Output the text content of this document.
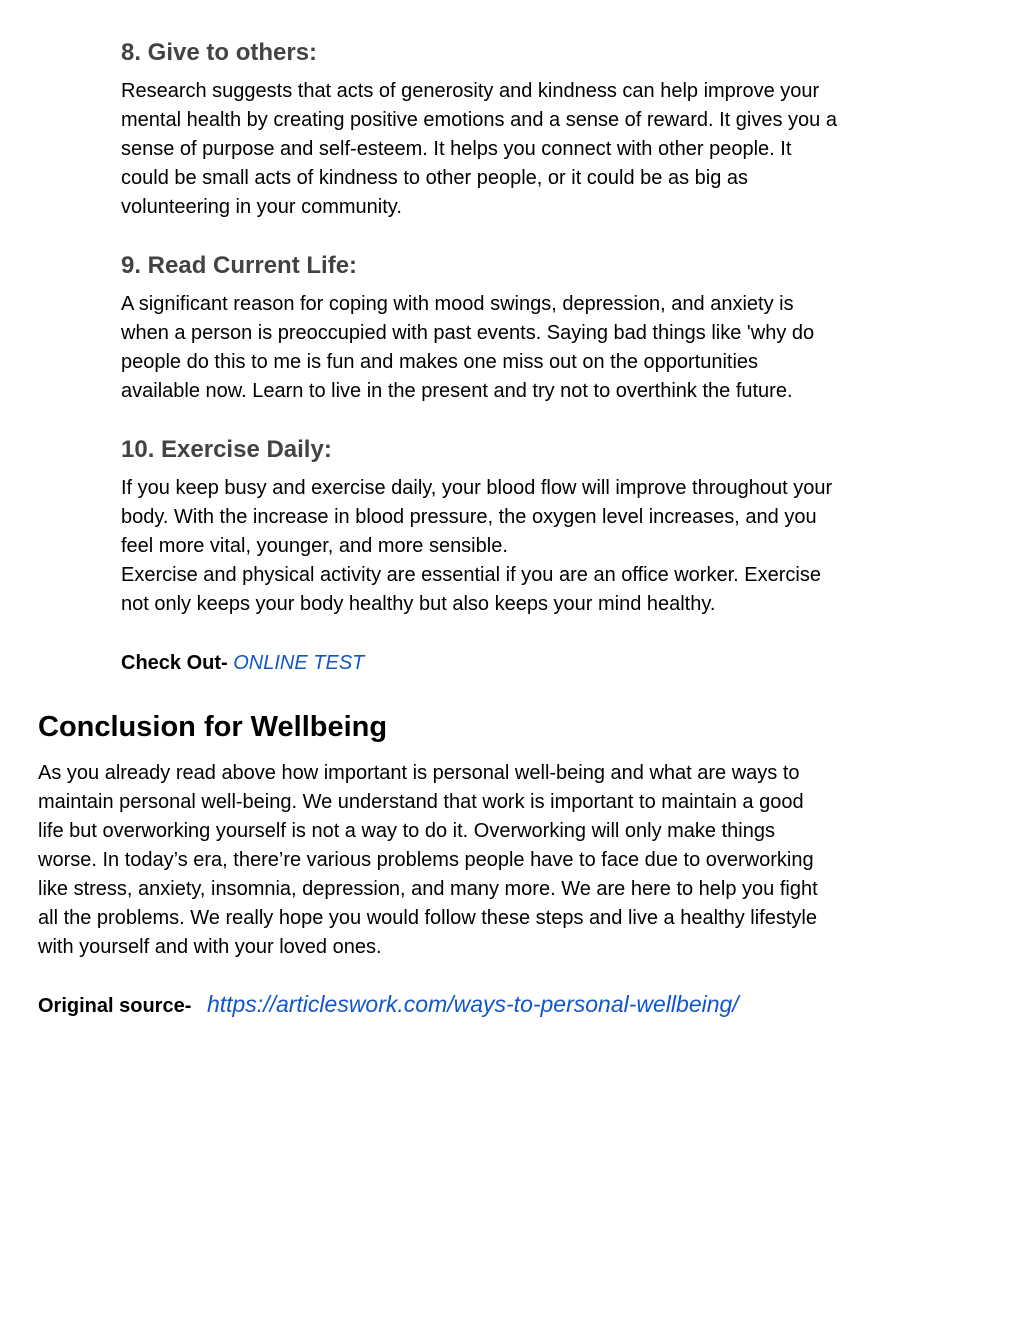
8. Give to others:
Research suggests that acts of generosity and kindness can help improve your
mental health by creating positive emotions and a sense of reward. It gives you a
sense of purpose and self-esteem. It helps you connect with other people. It
could be small acts of kindness to other people, or it could be as big as
volunteering in your community.
9. Read Current Life:
A significant reason for coping with mood swings, depression, and anxiety is
when a person is preoccupied with past events. Saying bad things like 'why do
people do this to me is fun and makes one miss out on the opportunities
available now. Learn to live in the present and try not to overthink the future.
10. Exercise Daily:
If you keep busy and exercise daily, your blood flow will improve throughout your
body. With the increase in blood pressure, the oxygen level increases, and you
feel more vital, younger, and more sensible.
Exercise and physical activity are essential if you are an office worker. Exercise
not only keeps your body healthy but also keeps your mind healthy.
Check Out- ONLINE TEST
Conclusion for Wellbeing
As you already read above how important is personal well-being and what are ways to
maintain personal well-being. We understand that work is important to maintain a good
life but overworking yourself is not a way to do it. Overworking will only make things
worse. In today’s era, there’re various problems people have to face due to overworking
like stress, anxiety, insomnia, depression, and many more. We are here to help you fight
all the problems. We really hope you would follow these steps and live a healthy lifestyle
with yourself and with your loved ones.
Original source- https://articleswork.com/ways-to-personal-wellbeing/
